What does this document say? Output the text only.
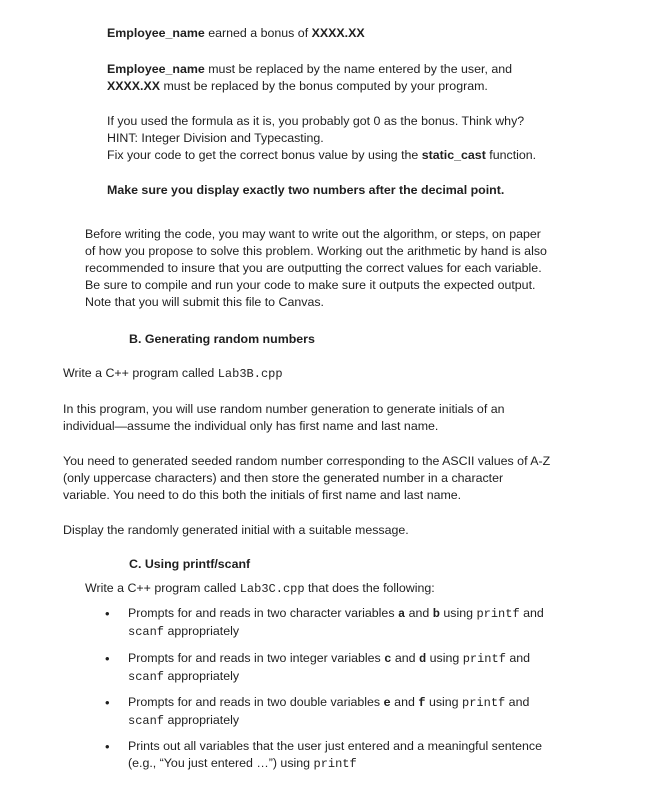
Employee_name earned a bonus of XXXX.XX
Employee_name must be replaced by the name entered by the user, and
XXXX.XX must be replaced by the bonus computed by your program.
If you used the formula as it is, you probably got 0 as the bonus. Think why?
HINT: Integer Division and Typecasting.
Fix your code to get the correct bonus value by using the static_cast function.
Make sure you display exactly two numbers after the decimal point.
Before writing the code, you may want to write out the algorithm, or steps, on paper
of how you propose to solve this problem. Working out the arithmetic by hand is also
recommended to insure that you are outputting the correct values for each variable.
Be sure to compile and run your code to make sure it outputs the expected output.
Note that you will submit this file to Canvas.
B. Generating random numbers
Write a C++ program called Lab3B.cpp
In this program, you will use random number generation to generate initials of an
individual—assume the individual only has first name and last name.
You need to generated seeded random number corresponding to the ASCII values of A-Z
(only uppercase characters) and then store the generated number in a character
variable. You need to do this both the initials of first name and last name.
Display the randomly generated initial with a suitable message.
C. Using printf/scanf
Write a C++ program called Lab3C.cpp that does the following:
• Prompts for and reads in two character variables a and b using printf and
scanf appropriately
• Prompts for and reads in two integer variables c and d using printf and
scanf appropriately
• Prompts for and reads in two double variables e and f using printf and
scanf appropriately
• Prints out all variables that the user just entered and a meaningful sentence
(e.g., “You just entered …”) using printf
